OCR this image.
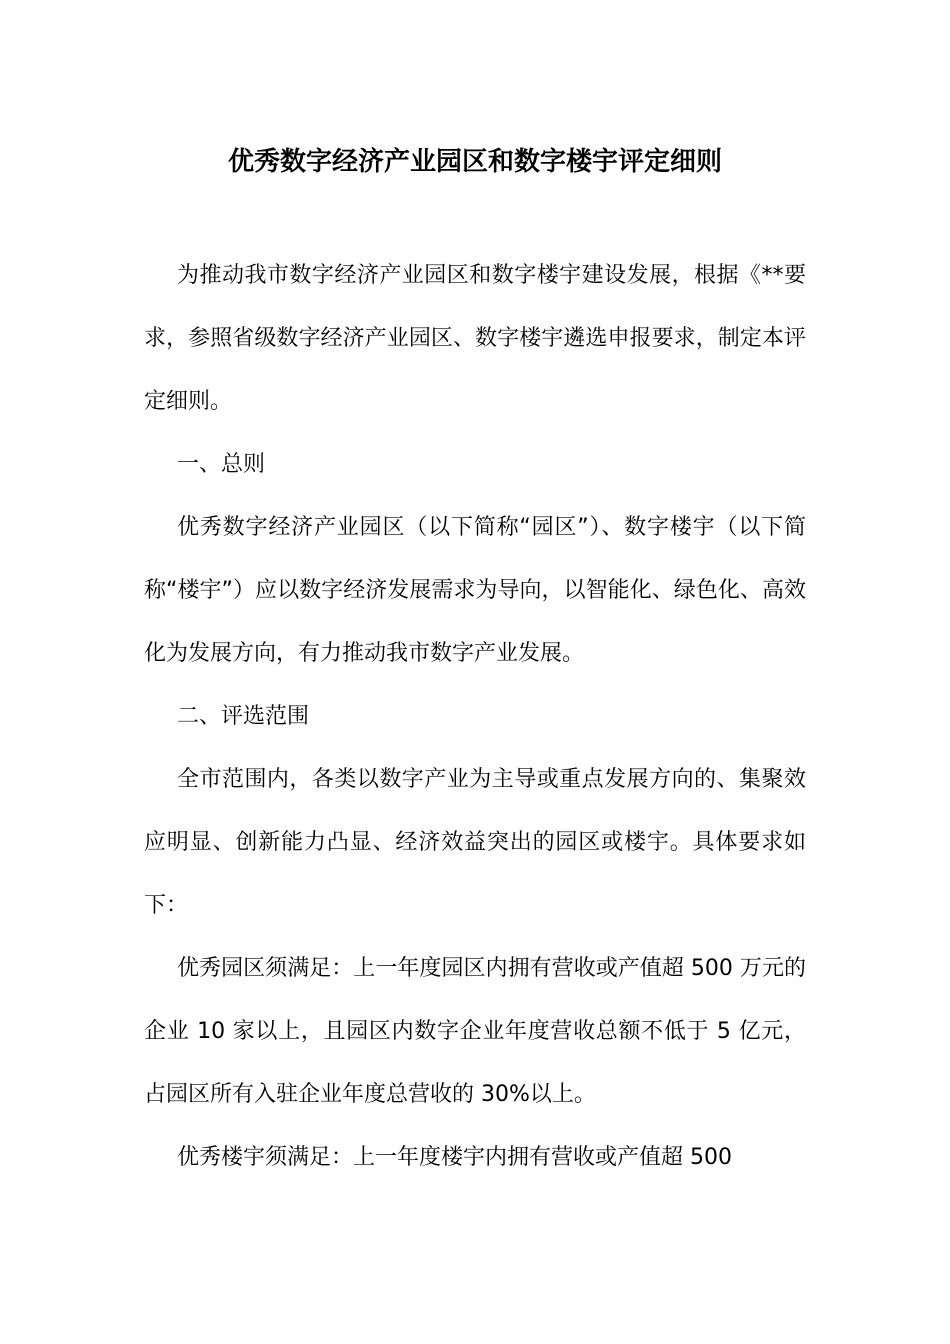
优秀数字经济产业园区和数字楼宇评定细则

为推动我市数字经济产业园区和数字楼宇建设发展，根据《**要求，参照省级数字经济产业园区、数字楼宇遴选申报要求，制定本评定细则。

一、总则

优秀数字经济产业园区（以下简称“园区”）、数字楼宇（以下简称“楼宇”）应以数字经济发展需求为导向，以智能化、绿色化、高效化为发展方向，有力推动我市数字产业发展。

二、评选范围

全市范围内，各类以数字产业为主导或重点发展方向的、集聚效应明显、创新能力凸显、经济效益突出的园区或楼宇。具体要求如下：

优秀园区须满足：上一年度园区内拥有营收或产值超 500 万元的企业 10 家以上，且园区内数字企业年度营收总额不低于 5 亿元，占园区所有入驻企业年度总营收的 30%以上。

优秀楼宇须满足：上一年度楼宇内拥有营收或产值超 500
